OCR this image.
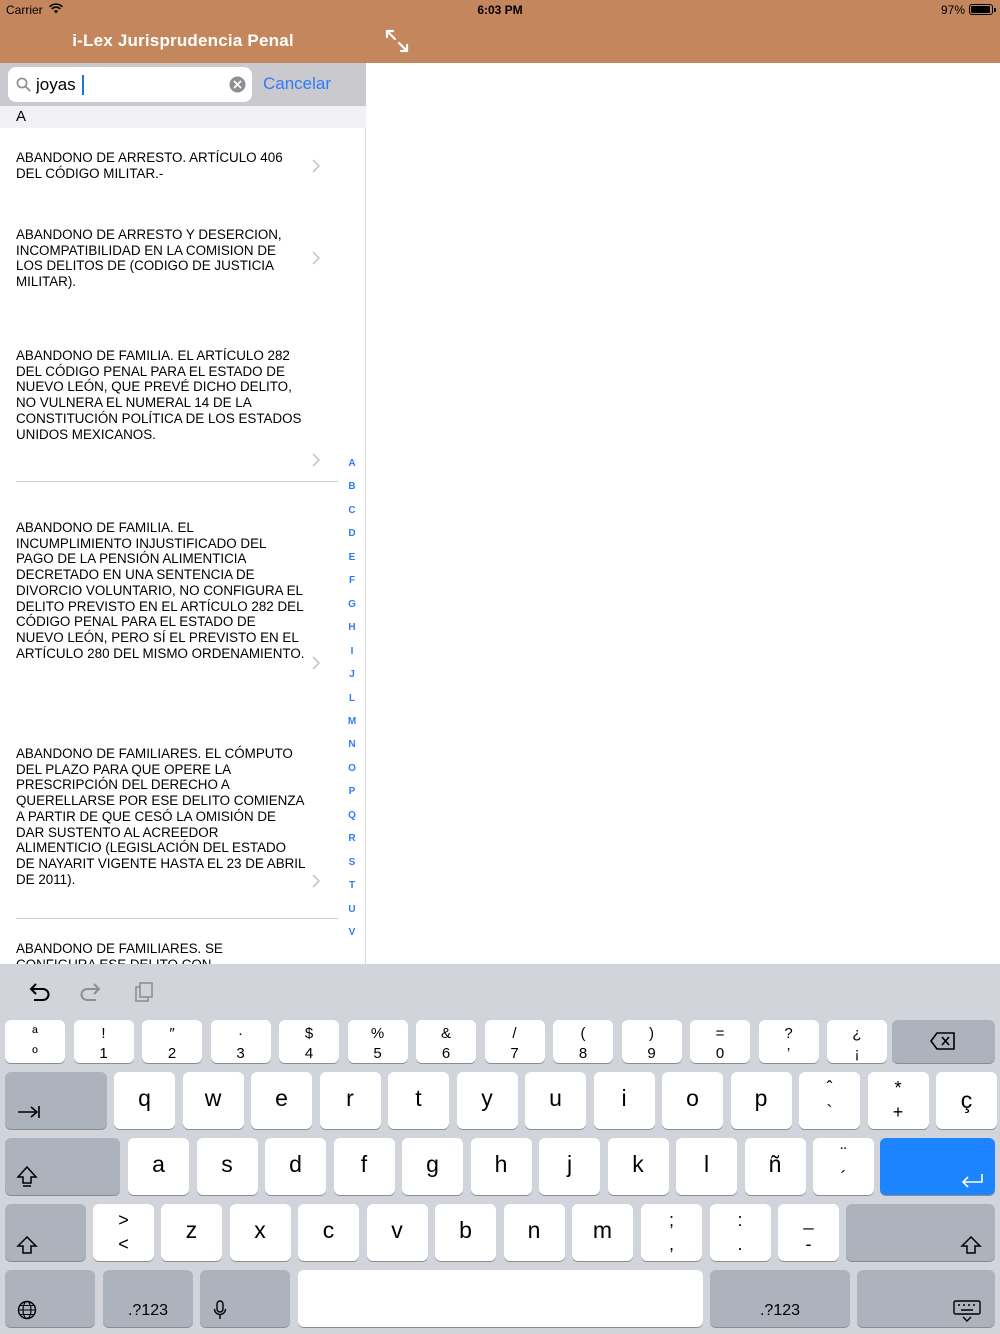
Carrier	6:03 PM	97%
i-Lex Jurisprudencia Penal
joyas
Cancelar
A
ABANDONO DE ARRESTO. ARTÍCULO 406 DEL CÓDIGO MILITAR.-
ABANDONO DE ARRESTO Y DESERCION, INCOMPATIBILIDAD EN LA COMISION DE LOS DELITOS DE (CODIGO DE JUSTICIA MILITAR).
ABANDONO DE FAMILIA. EL ARTÍCULO 282 DEL CÓDIGO PENAL PARA EL ESTADO DE NUEVO LEÓN, QUE PREVÉ DICHO DELITO, NO VULNERA EL NUMERAL 14 DE LA CONSTITUCIÓN POLÍTICA DE LOS ESTADOS UNIDOS MEXICANOS.
ABANDONO DE FAMILIA. EL INCUMPLIMIENTO INJUSTIFICADO DEL PAGO DE LA PENSIÓN ALIMENTICIA DECRETADO EN UNA SENTENCIA DE DIVORCIO VOLUNTARIO, NO CONFIGURA EL DELITO PREVISTO EN EL ARTÍCULO 282 DEL CÓDIGO PENAL PARA EL ESTADO DE NUEVO LEÓN, PERO SÍ EL PREVISTO EN EL ARTÍCULO 280 DEL MISMO ORDENAMIENTO.
ABANDONO DE FAMILIARES. EL CÓMPUTO DEL PLAZO PARA QUE OPERE LA PRESCRIPCIÓN DEL DERECHO A QUERELLARSE POR ESE DELITO COMIENZA A PARTIR DE QUE CESÓ LA OMISIÓN DE DAR SUSTENTO AL ACREEDOR ALIMENTICIO (LEGISLACIÓN DEL ESTADO DE NAYARIT VIGENTE HASTA EL 23 DE ABRIL DE 2011).
ABANDONO DE FAMILIARES. SE
A
B
C
D
E
F
G
H
I
J
L
M
N
O
P
Q
R
S
T
U
V
ª
º
!
1
″
2
·
3
$
4
%
5
&
6
/
7
(
8
)
9
=
0
?
’
¿
¡
q	w	e	r	t	y	u	i	o	p	ˆ
`
*
+	ç
a	s	d	f	g	h	j	k	l	ñ	¨
´
>
<
z	x	c	v	b	n	m	;
,
:
.
_
-
.?123	.?123
